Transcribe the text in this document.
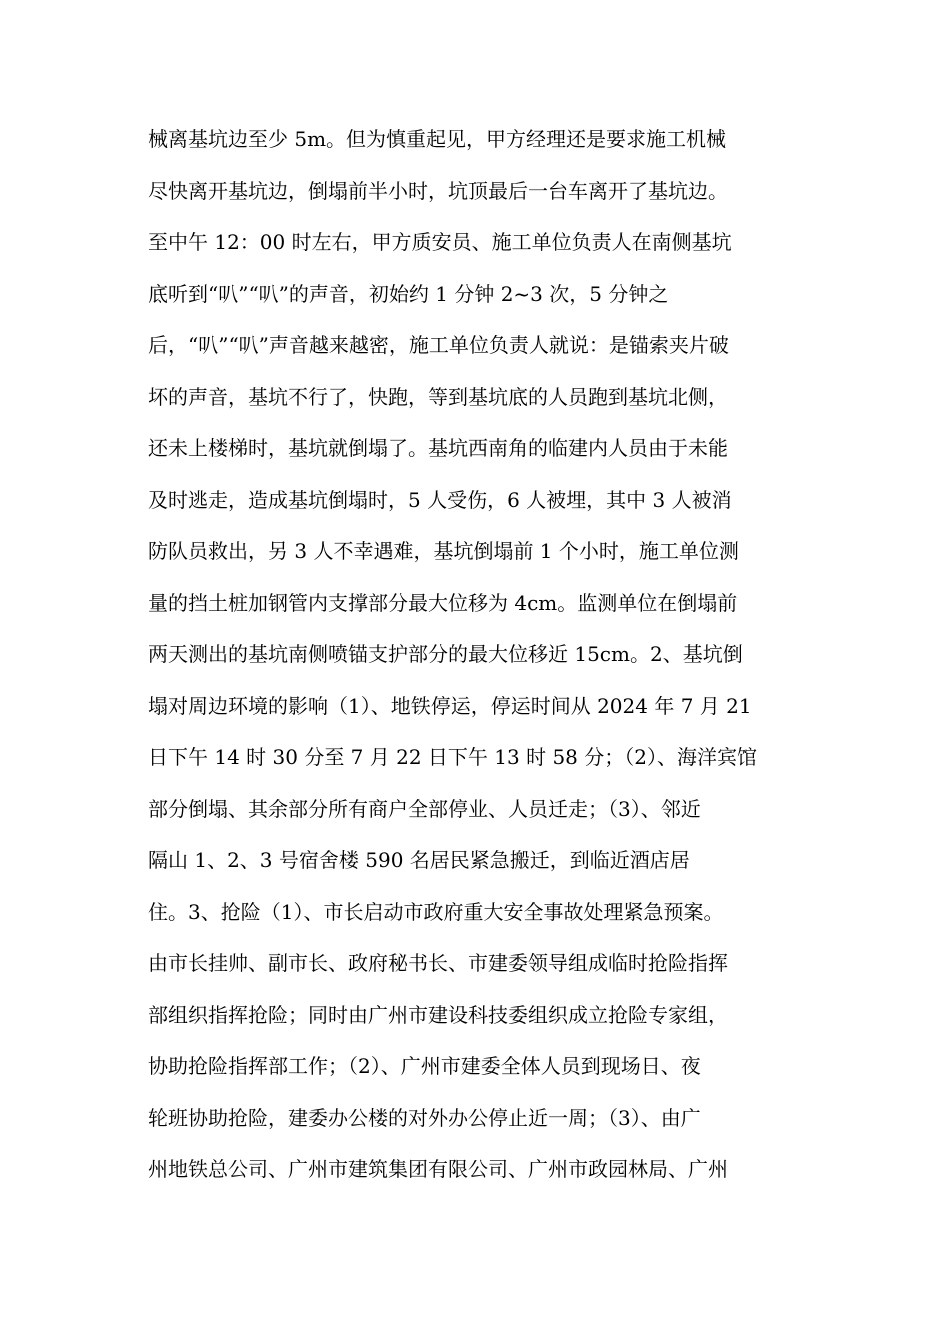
械离基坑边至少 5m。但为慎重起见，甲方经理还是要求施工机械
尽快离开基坑边，倒塌前半小时，坑顶最后一台车离开了基坑边。
至中午 12：00 时左右，甲方质安员、施工单位负责人在南侧基坑
底听到“叭”“叭”的声音，初始约 1 分钟 2~3 次，5 分钟之
后，“叭”“叭”声音越来越密，施工单位负责人就说：是锚索夹片破
坏的声音，基坑不行了，快跑，等到基坑底的人员跑到基坑北侧，
还未上楼梯时，基坑就倒塌了。基坑西南角的临建内人员由于未能
及时逃走，造成基坑倒塌时，5 人受伤，6 人被埋，其中 3 人被消
防队员救出，另 3 人不幸遇难，基坑倒塌前 1 个小时，施工单位测
量的挡土桩加钢管内支撑部分最大位移为 4cm。监测单位在倒塌前
两天测出的基坑南侧喷锚支护部分的最大位移近 15cm。2、基坑倒
塌对周边环境的影响（1）、地铁停运，停运时间从 2024 年 7 月 21
日下午 14 时 30 分至 7 月 22 日下午 13 时 58 分；（2）、海洋宾馆
部分倒塌、其余部分所有商户全部停业、人员迁走；（3）、邻近
隔山 1、2、3 号宿舍楼 590 名居民紧急搬迁，到临近酒店居
住。3、抢险（1）、市长启动市政府重大安全事故处理紧急预案。
由市长挂帅、副市长、政府秘书长、市建委领导组成临时抢险指挥
部组织指挥抢险；同时由广州市建设科技委组织成立抢险专家组，
协助抢险指挥部工作；（2）、广州市建委全体人员到现场日、夜
轮班协助抢险，建委办公楼的对外办公停止近一周；（3）、由广
州地铁总公司、广州市建筑集团有限公司、广州市政园林局、广州
